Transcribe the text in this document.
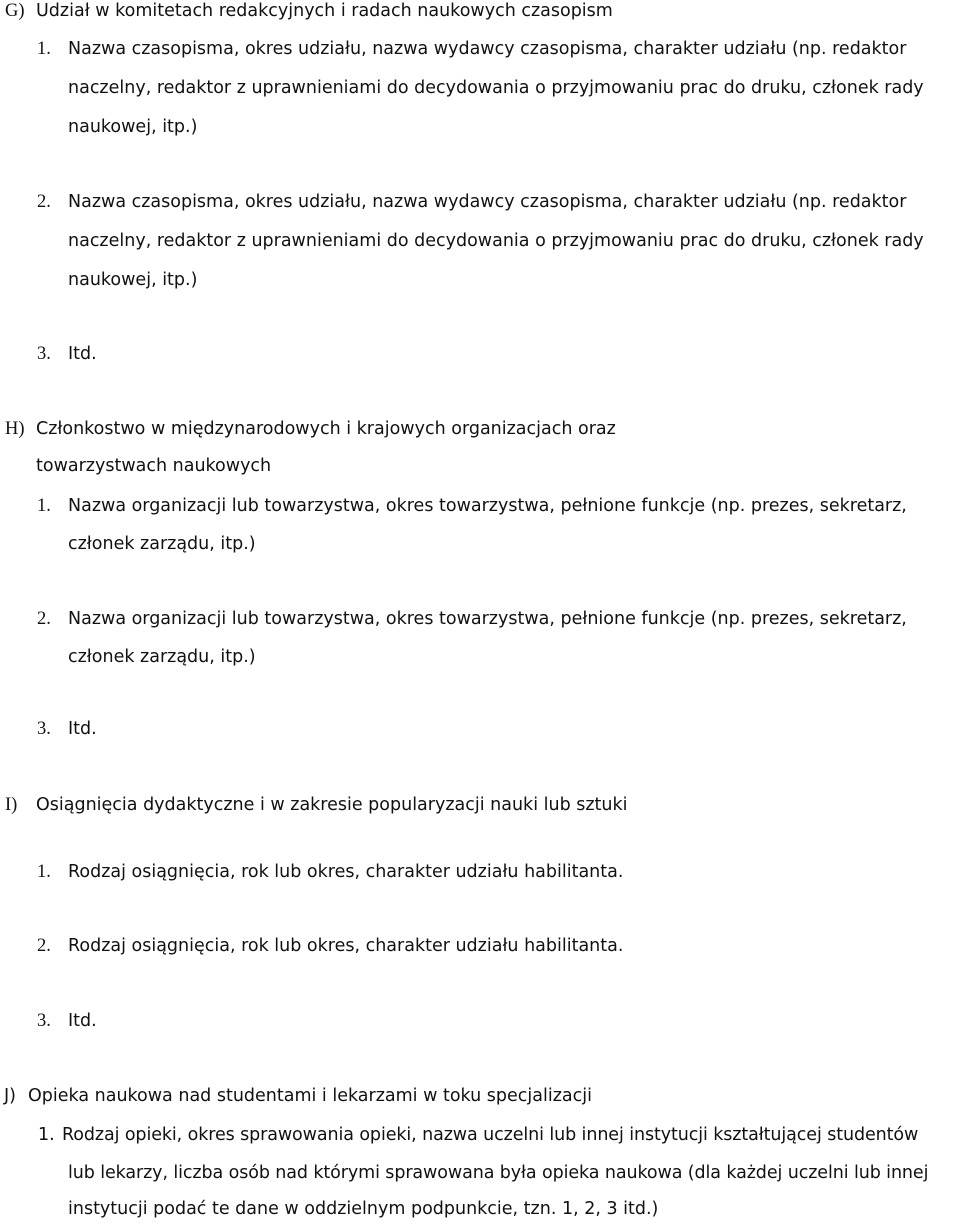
G) Udział w komitetach redakcyjnych i radach naukowych czasopism
1. Nazwa czasopisma, okres udziału, nazwa wydawcy czasopisma, charakter udziału (np. redaktor
naczelny, redaktor z uprawnieniami do decydowania o przyjmowaniu prac do druku, członek rady
naukowej, itp.)
2. Nazwa czasopisma, okres udziału, nazwa wydawcy czasopisma, charakter udziału (np. redaktor
naczelny, redaktor z uprawnieniami do decydowania o przyjmowaniu prac do druku, członek rady
naukowej, itp.)
3. Itd.
H) Członkostwo w międzynarodowych i krajowych organizacjach oraz
towarzystwach naukowych
1. Nazwa organizacji lub towarzystwa, okres towarzystwa, pełnione funkcje (np. prezes, sekretarz,
członek zarządu, itp.)
2. Nazwa organizacji lub towarzystwa, okres towarzystwa, pełnione funkcje (np. prezes, sekretarz,
członek zarządu, itp.)
3. Itd.
I) Osiągnięcia dydaktyczne i w zakresie popularyzacji nauki lub sztuki
1. Rodzaj osiągnięcia, rok lub okres, charakter udziału habilitanta.
2. Rodzaj osiągnięcia, rok lub okres, charakter udziału habilitanta.
3. Itd.
J) Opieka naukowa nad studentami i lekarzami w toku specjalizacji
1. Rodzaj opieki, okres sprawowania opieki, nazwa uczelni lub innej instytucji kształtującej studentów
lub lekarzy, liczba osób nad którymi sprawowana była opieka naukowa (dla każdej uczelni lub innej
instytucji podać te dane w oddzielnym podpunkcie, tzn. 1, 2, 3 itd.)
